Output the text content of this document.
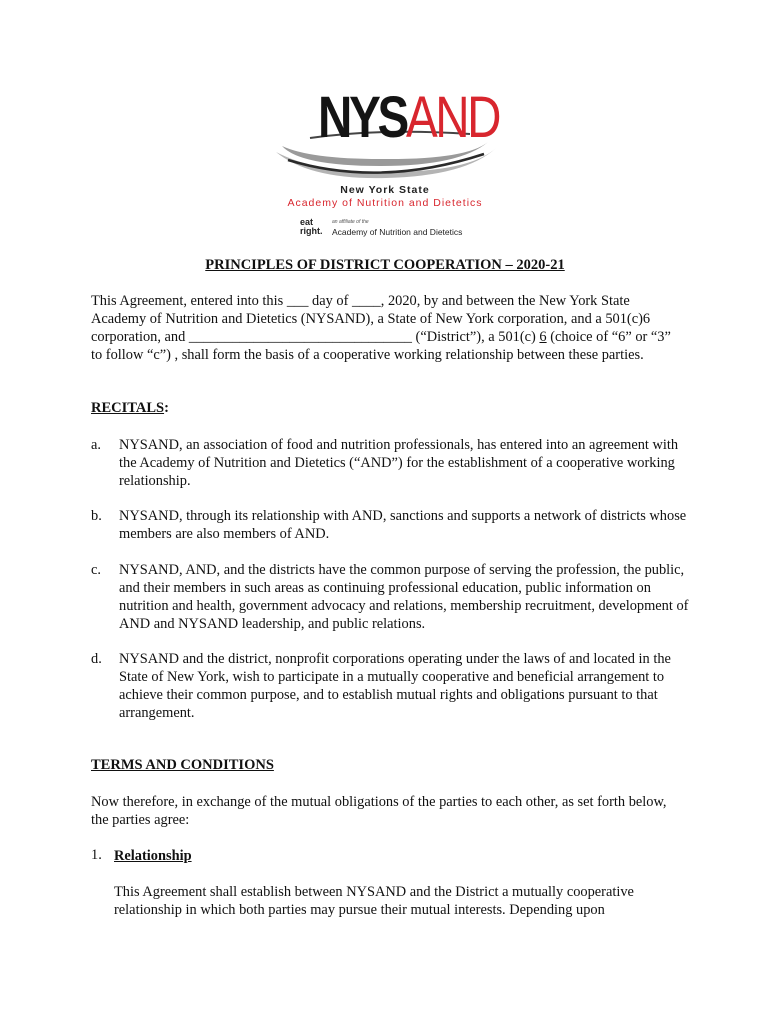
NYSAND
New York State
Academy of Nutrition and Dietetics
eat right.
an affiliate of the
Academy of Nutrition and Dietetics
PRINCIPLES OF DISTRICT COOPERATION – 2020-21
This Agreement, entered into this ___ day of ____, 2020, by and between the New York State Academy of Nutrition and Dietetics (NYSAND), a State of New York corporation, and a 501(c)6 corporation, and _______________________________ (“District”), a 501(c) 6 (choice of “6” or “3” to follow “c”) , shall form the basis of a cooperative working relationship between these parties.
RECITALS:
a. NYSAND, an association of food and nutrition professionals, has entered into an agreement with the Academy of Nutrition and Dietetics (“AND”) for the establishment of a cooperative working relationship.
b. NYSAND, through its relationship with AND, sanctions and supports a network of districts whose members are also members of AND.
c. NYSAND, AND, and the districts have the common purpose of serving the profession, the public, and their members in such areas as continuing professional education, public information on nutrition and health, government advocacy and relations, membership recruitment, development of AND and NYSAND leadership, and public relations.
d. NYSAND and the district, nonprofit corporations operating under the laws of and located in the State of New York, wish to participate in a mutually cooperative and beneficial arrangement to achieve their common purpose, and to establish mutual rights and obligations pursuant to that arrangement.
TERMS AND CONDITIONS
Now therefore, in exchange of the mutual obligations of the parties to each other, as set forth below, the parties agree:
1. Relationship
This Agreement shall establish between NYSAND and the District a mutually cooperative relationship in which both parties may pursue their mutual interests. Depending upon
